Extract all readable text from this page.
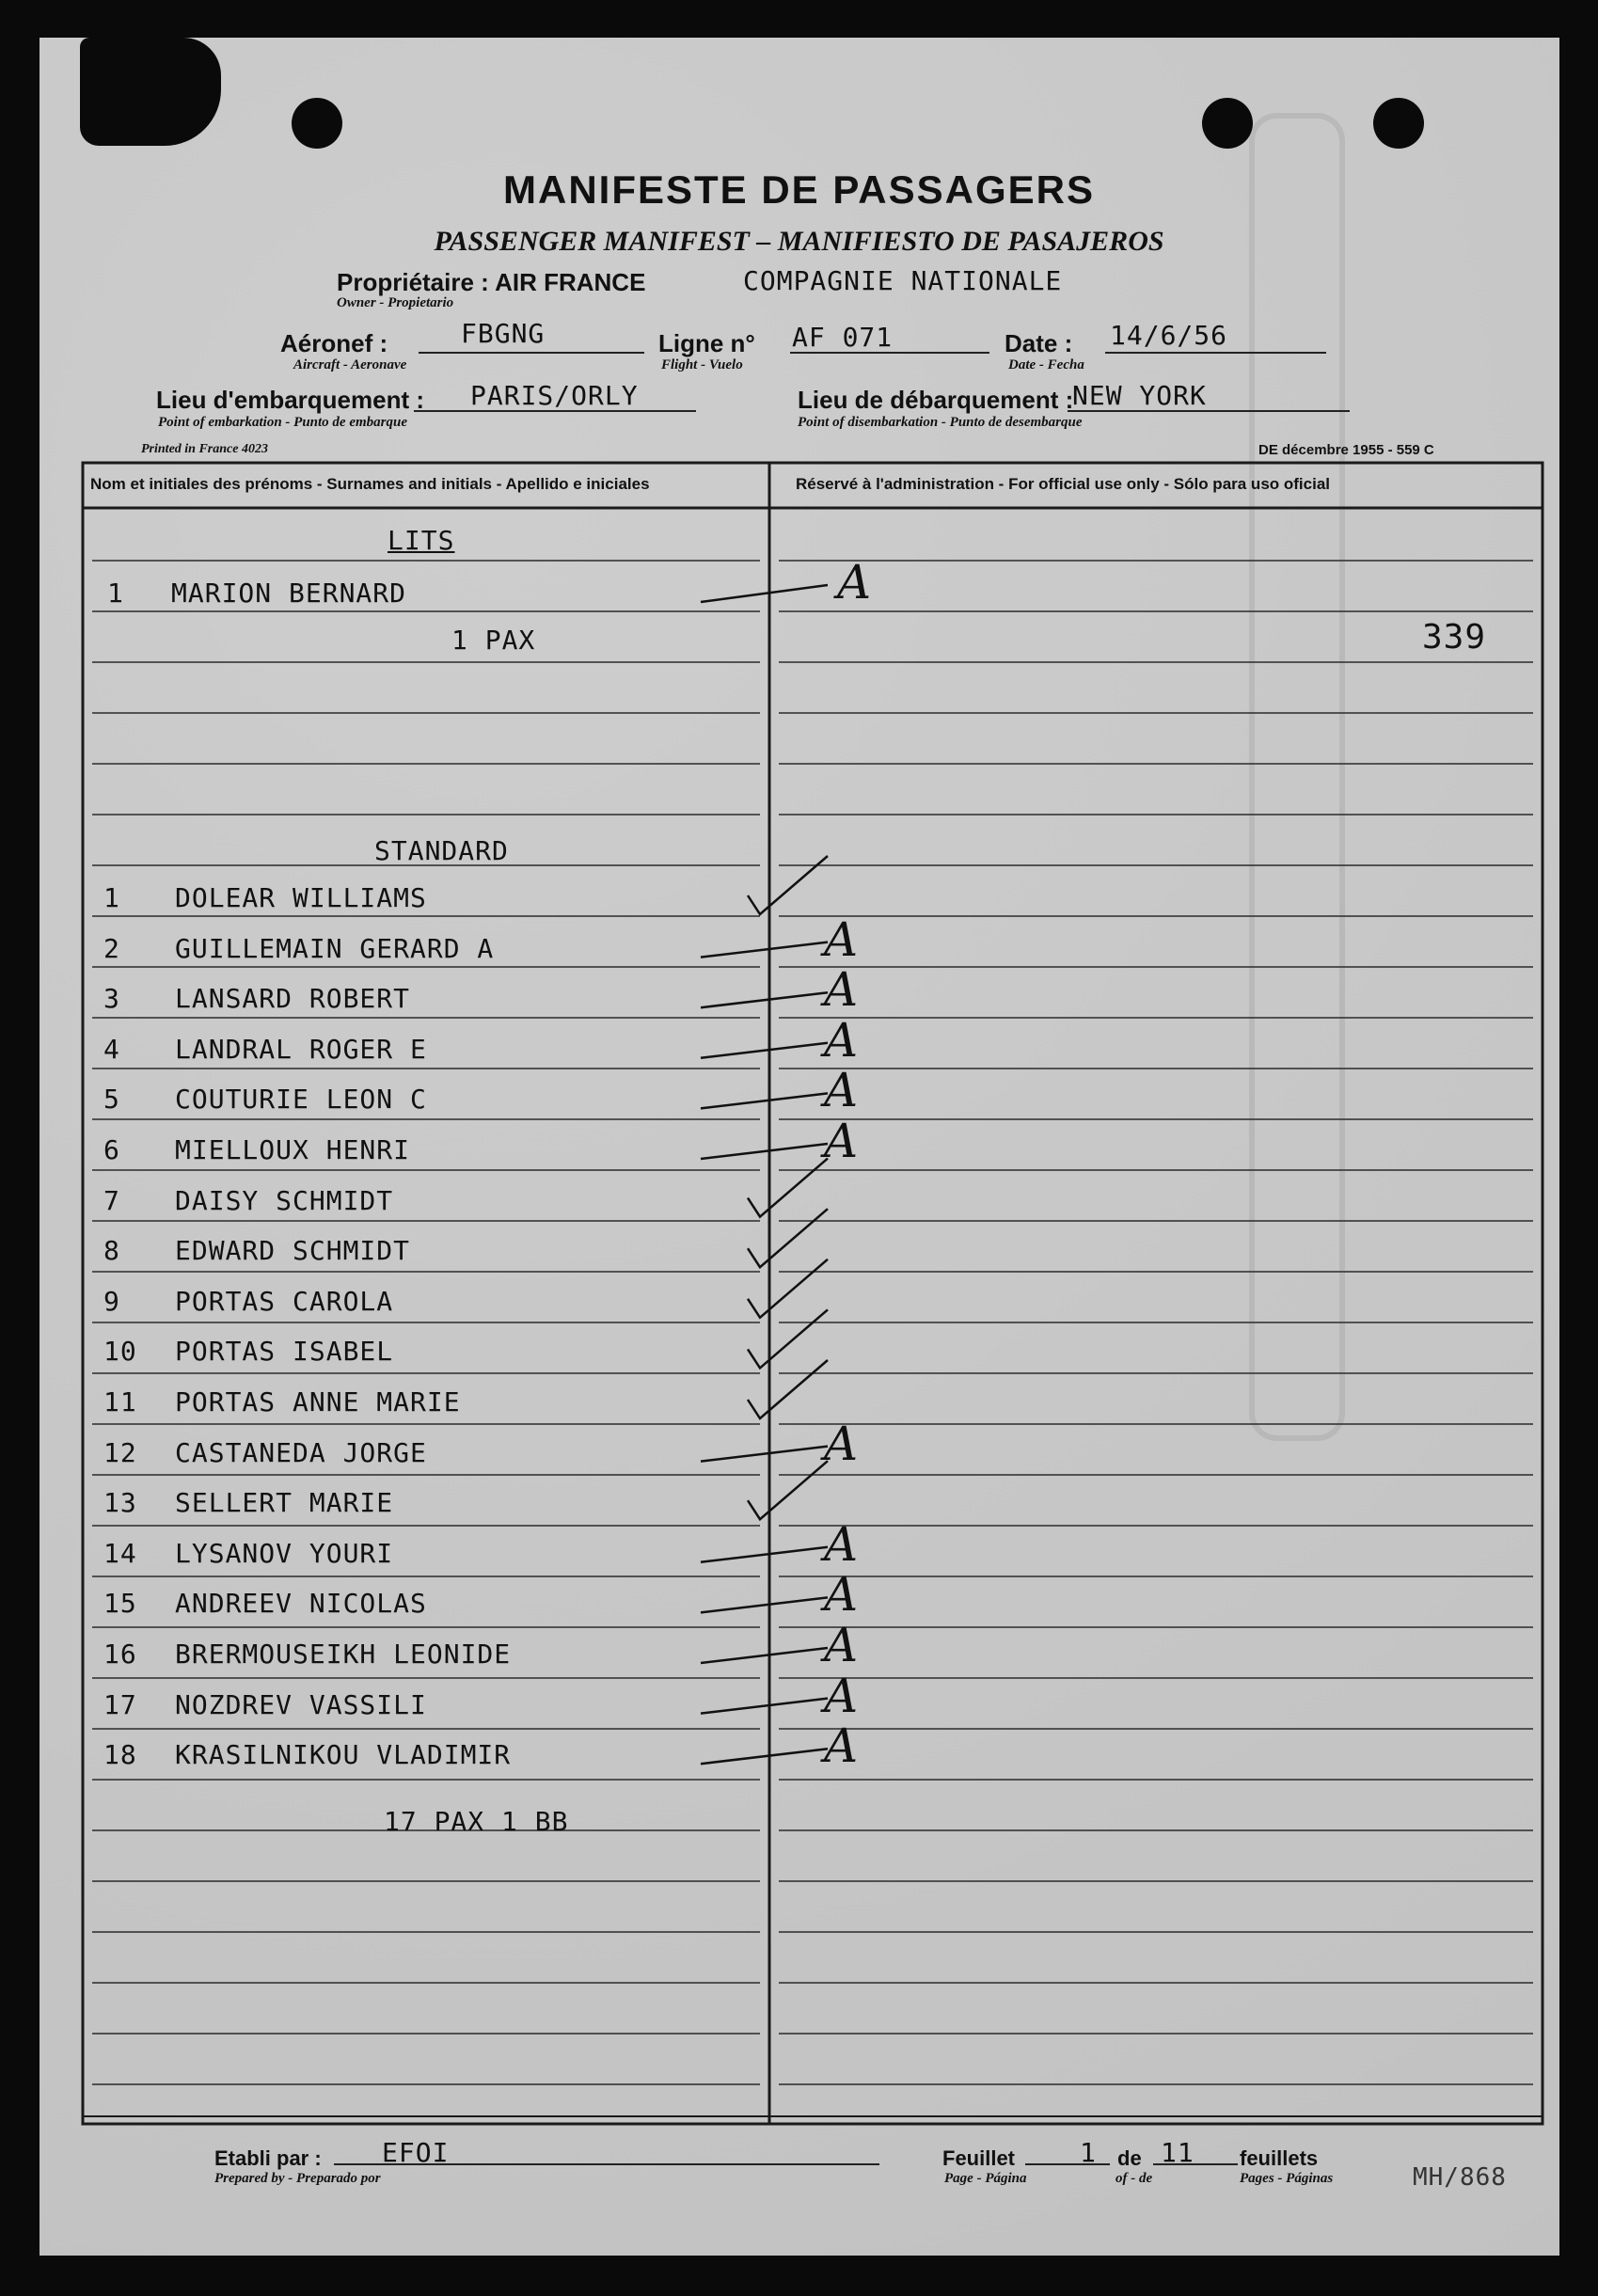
MANIFESTE DE PASSAGERS
PASSENGER MANIFEST – MANIFIESTO DE PASAJEROS
Propriétaire : AIR FRANCE	COMPAGNIE NATIONALE
Owner - Propietario
Aéronef :	FBGNG
Aircraft - Aeronave
Ligne n° AF 071
Flight - Vuelo
Date : 14/6/56
Date - Fecha
Lieu d'embarquement : PARIS/ORLY
Point of embarkation - Punto de embarque
Lieu de débarquement :
NEW YORK
Point of disembarkation - Punto de desembarque
Printed in France 4023	DE décembre 1955 - 559 C
Nom et initiales des prénoms - Surnames and initials - Apellido e iniciales	Réservé à l'administration - For official use only - Sólo para uso oficial
LITS
1 MARION BERNARD	A
1 PAX	339
STANDARD
1 DOLEAR WILLIAMS
2 GUILLEMAIN GERARD A	A
3 LANSARD ROBERT	A
4 LANDRAL ROGER E	A
5 COUTURIE LEON C	A
6 MIELLOUX HENRI	A
7 DAISY SCHMIDT
8 EDWARD SCHMIDT
9 PORTAS CAROLA
10 PORTAS ISABEL
11 PORTAS ANNE MARIE
12 CASTANEDA JORGE	A
13 SELLERT MARIE
14 LYSANOV YOURI	A
15 ANDREEV NICOLAS	A
16 BRERMOUSEIKH LEONIDE	A
17 NOZDREV VASSILI	A
18 KRASILNIKOU VLADIMIR	A
17 PAX 1 BB
Etabli par : EFOI
Prepared by - Preparado por
Feuillet 1
Page - Página
de
of - de
11 feuillets
Pages - Páginas	MH/868
